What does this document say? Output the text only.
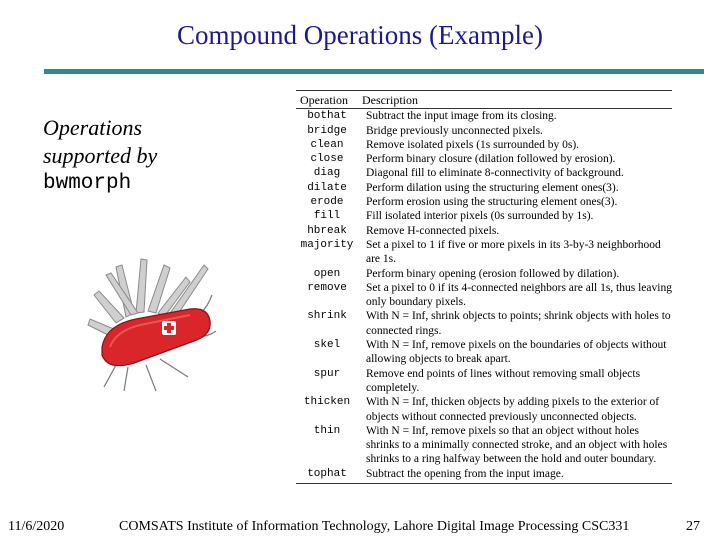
Compound Operations (Example)
Operations
supported by
bwmorph
Operation	Description
bothat	Subtract the input image from its closing.
bridge	Bridge previously unconnected pixels.
clean	Remove isolated pixels (1s surrounded by 0s).
close	Perform binary closure (dilation followed by erosion).
diag	Diagonal fill to eliminate 8-connectivity of background.
dilate	Perform dilation using the structuring element ones(3).
erode	Perform erosion using the structuring element ones(3).
fill	Fill isolated interior pixels (0s surrounded by 1s).
hbreak	Remove H-connected pixels.
majority	Set a pixel to 1 if five or more pixels in its 3-by-3 neighborhood are 1s.
open	Perform binary opening (erosion followed by dilation).
remove	Set a pixel to 0 if its 4-connected neighbors are all 1s, thus leaving only boundary pixels.
shrink	With N = Inf, shrink objects to points; shrink objects with holes to connected rings.
skel	With N = Inf, remove pixels on the boundaries of objects without allowing objects to break apart.
spur	Remove end points of lines without removing small objects completely.
thicken	With N = Inf, thicken objects by adding pixels to the exterior of objects without connected previously unconnected objects.
thin	With N = Inf, remove pixels so that an object without holes shrinks to a minimally connected stroke, and an object with holes shrinks to a ring halfway between the hold and outer boundary.
tophat	Subtract the opening from the input image.
11/6/2020	COMSATS Institute of Information Technology, Lahore Digital Image Processing CSC331	27
